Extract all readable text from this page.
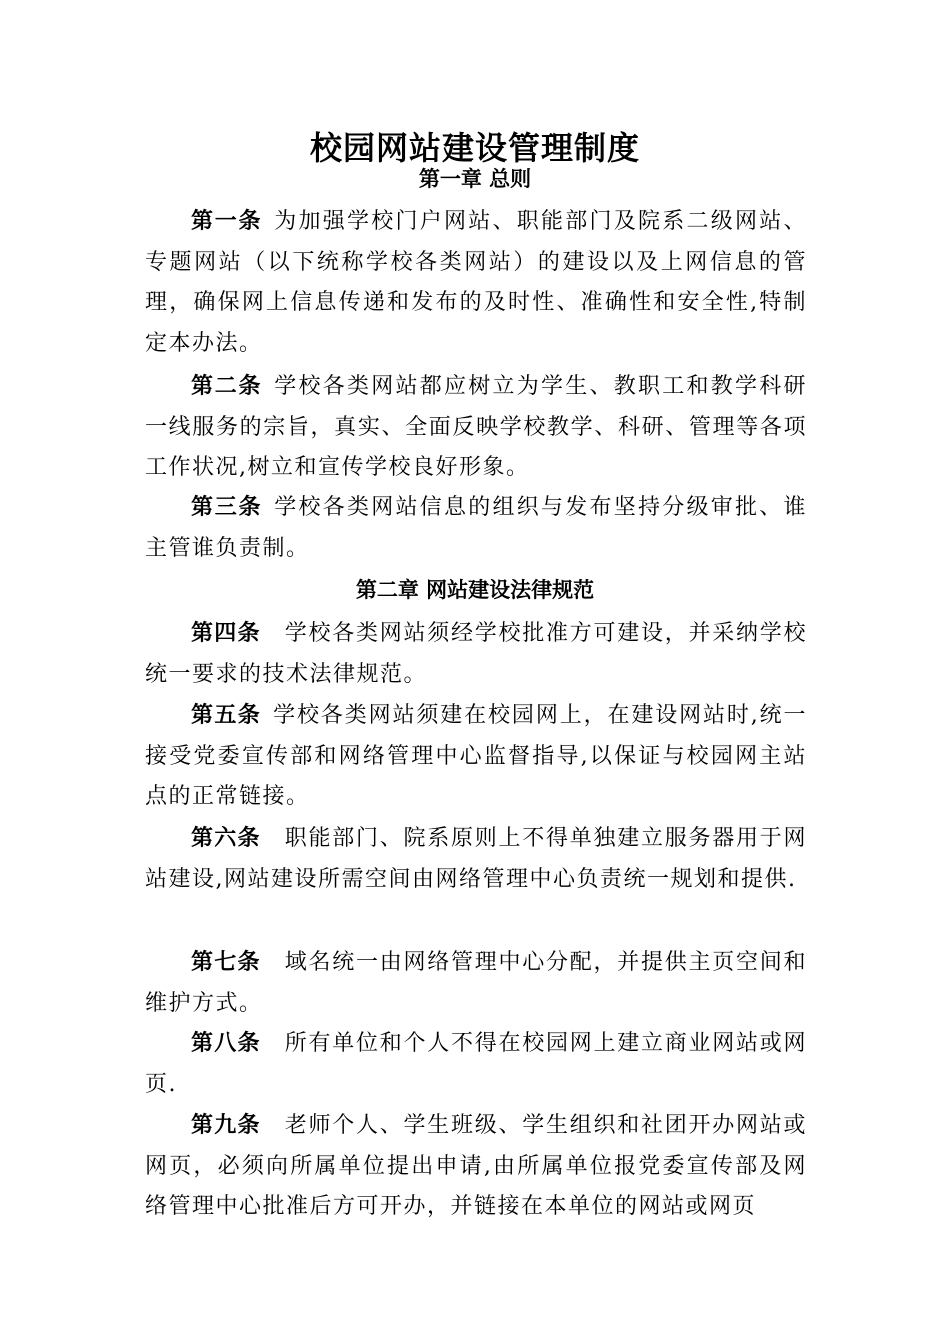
校园网站建设管理制度
第一章 总则
第一条 为加强学校门户网站、职能部门及院系二级网站、专题网站（以下统称学校各类网站）的建设以及上网信息的管理，确保网上信息传递和发布的及时性、准确性和安全性,特制定本办法。
第二条 学校各类网站都应树立为学生、教职工和教学科研一线服务的宗旨，真实、全面反映学校教学、科研、管理等各项工作状况,树立和宣传学校良好形象。
第三条 学校各类网站信息的组织与发布坚持分级审批、谁主管谁负责制。
第二章 网站建设法律规范
第四条 学校各类网站须经学校批准方可建设，并采纳学校统一要求的技术法律规范。
第五条 学校各类网站须建在校园网上，在建设网站时,统一接受党委宣传部和网络管理中心监督指导,以保证与校园网主站点的正常链接。
第六条 职能部门、院系原则上不得单独建立服务器用于网站建设,网站建设所需空间由网络管理中心负责统一规划和提供.
第七条 域名统一由网络管理中心分配，并提供主页空间和维护方式。
第八条 所有单位和个人不得在校园网上建立商业网站或网页.
第九条 老师个人、学生班级、学生组织和社团开办网站或网页，必须向所属单位提出申请,由所属单位报党委宣传部及网络管理中心批准后方可开办，并链接在本单位的网站或网页
